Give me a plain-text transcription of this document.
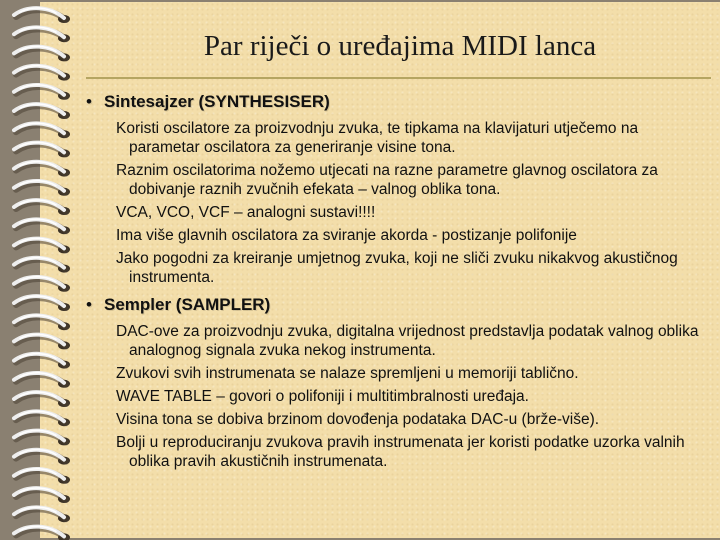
Par riječi o uređajima MIDI lanca
• Sintesajzer (SYNTHESISER)
Koristi oscilatore za proizvodnju zvuka, te tipkama na klavijaturi utječemo na parametar oscilatora za generiranje visine tona.
Raznim oscilatorima nožemo utjecati na razne parametre glavnog oscilatora za dobivanje raznih zvučnih efekata – valnog oblika tona.
VCA, VCO, VCF – analogni sustavi!!!!
Ima više glavnih oscilatora za sviranje akorda - postizanje polifonije
Jako pogodni za kreiranje umjetnog zvuka, koji ne sliči zvuku nikakvog akustičnog instrumenta.
• Sempler (SAMPLER)
DAC-ove za proizvodnju zvuka, digitalna vrijednost predstavlja podatak valnog oblika analognog signala zvuka nekog instrumenta.
Zvukovi svih instrumenata se nalaze spremljeni u memoriji tablično.
WAVE TABLE – govori o polifoniji i multitimbralnosti uređaja.
Visina tona se dobiva brzinom dovođenja podataka DAC-u (brže-više).
Bolji u reproduciranju zvukova pravih instrumenata jer koristi podatke uzorka valnih oblika pravih akustičnih instrumenata.
